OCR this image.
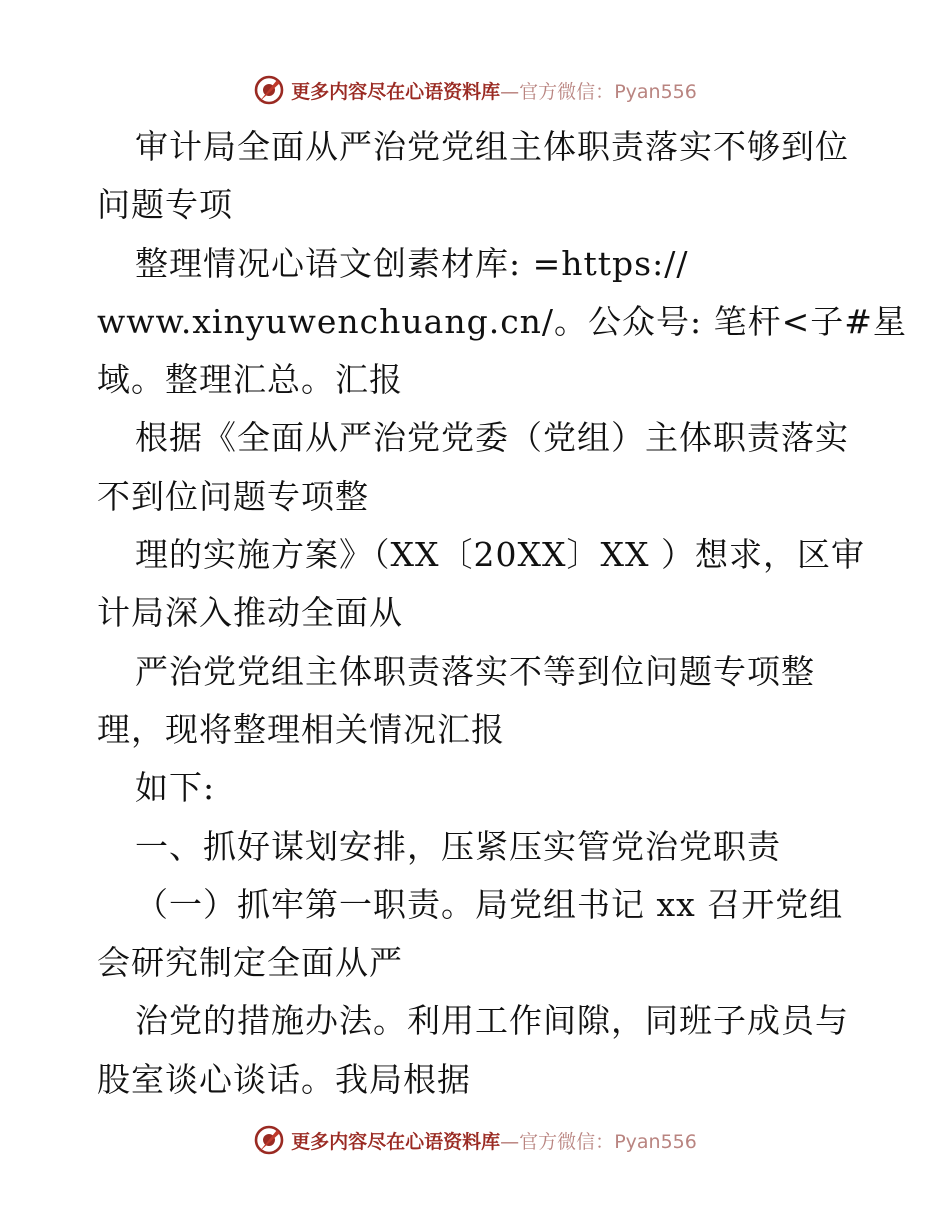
更多内容尽在心语资料库—官方微信：Pyan556
审计局全面从严治党党组主体职责落实不够到位
问题专项
整理情况心语文创素材库: =https://
www.xinyuwenchuang.cn/。公众号: 笔杆<子#星
域。整理汇总。汇报
根据《全面从严治党党委（党组）主体职责落实
不到位问题专项整
理的实施方案》（XX〔20XX〕XX ）想求，区审
计局深入推动全面从
严治党党组主体职责落实不等到位问题专项整
理，现将整理相关情况汇报
如下:
一、抓好谋划安排，压紧压实管党治党职责
（一）抓牢第一职责。局党组书记 xx 召开党组
会研究制定全面从严
治党的措施办法。利用工作间隙，同班子成员与
股室谈心谈话。我局根据
更多内容尽在心语资料库—官方微信：Pyan556
